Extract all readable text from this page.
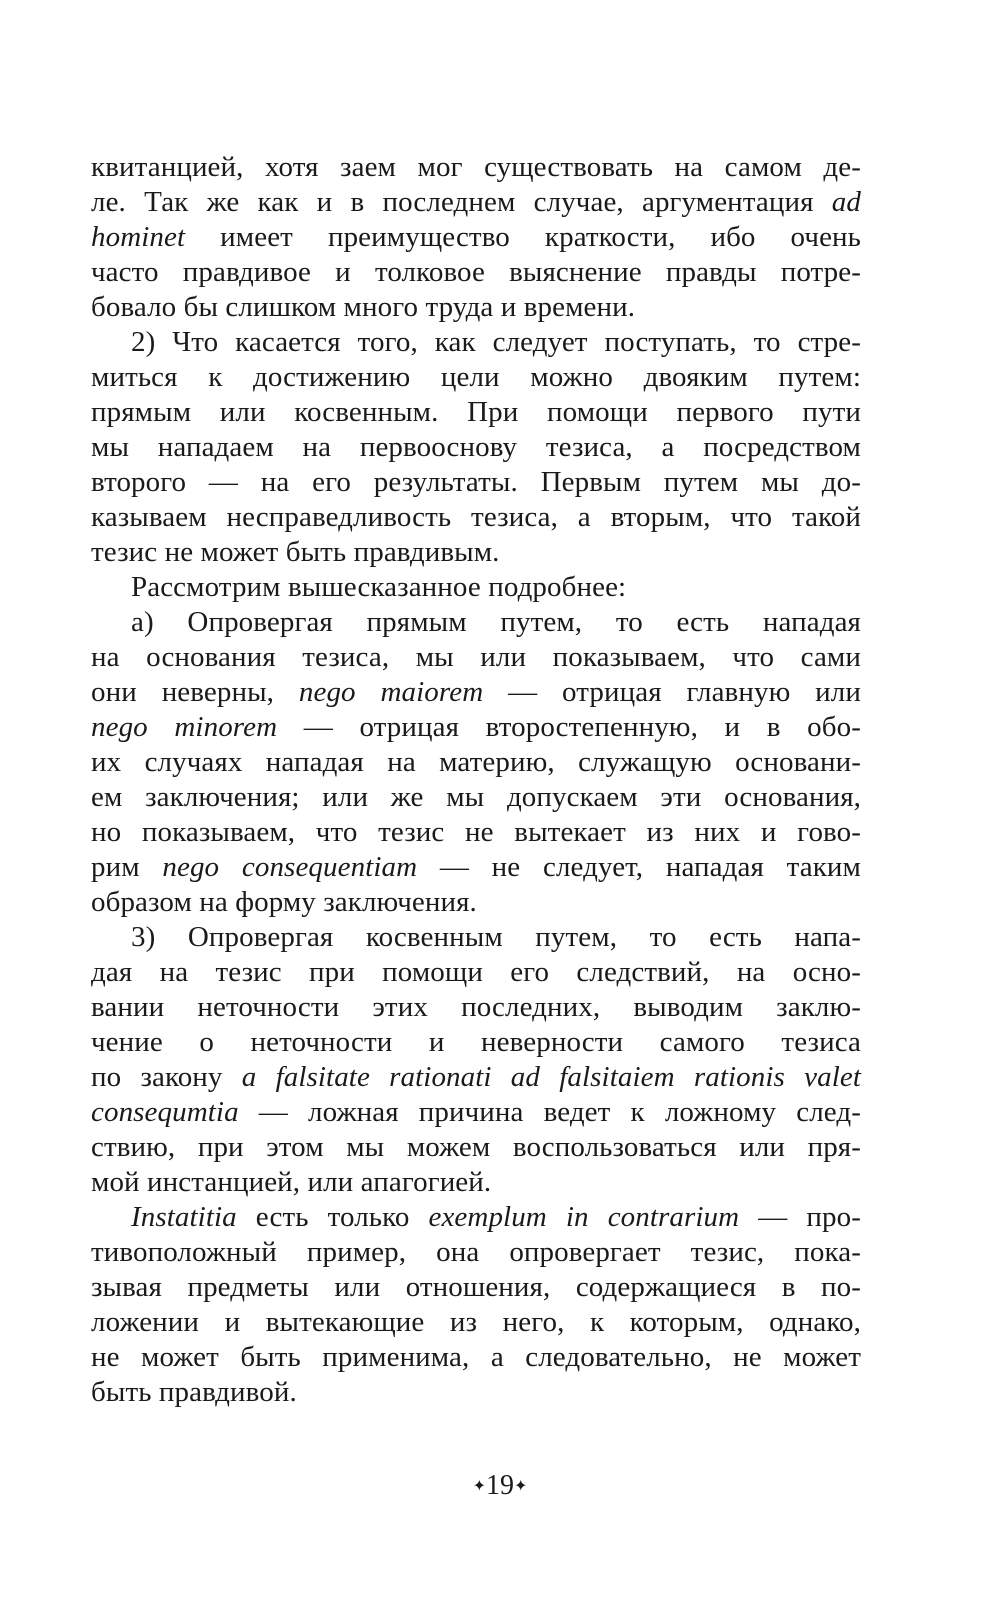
квитанцией, хотя заем мог существовать на самом де-
ле. Так же как и в последнем случае, аргументация ad
hominet имеет преимущество краткости, ибо очень
часто правдивое и толковое выяснение правды потре-
бовало бы слишком много труда и времени.
2) Что касается того, как следует поступать, то стре-
миться к достижению цели можно двояким путем:
прямым или косвенным. При помощи первого пути
мы нападаем на первооснову тезиса, а посредством
второго — на его результаты. Первым путем мы до-
казываем несправедливость тезиса, а вторым, что такой
тезис не может быть правдивым.
Рассмотрим вышесказанное подробнее:
а) Опровергая прямым путем, то есть нападая
на основания тезиса, мы или показываем, что сами
они неверны, nego maiorem — отрицая главную или
nego minorem — отрицая второстепенную, и в обо-
их случаях нападая на материю, служащую основани-
ем заключения; или же мы допускаем эти основания,
но показываем, что тезис не вытекает из них и гово-
рим nego consequentiam — не следует, нападая таким
образом на форму заключения.
3) Опровергая косвенным путем, то есть напа-
дая на тезис при помощи его следствий, на осно-
вании неточности этих последних, выводим заклю-
чение о неточности и неверности самого тезиса
по закону a falsitate rationati ad falsitaiem rationis valet
consequmtia — ложная причина ведет к ложному след-
ствию, при этом мы можем воспользоваться или пря-
мой инстанцией, или апагогией.
Instatitia есть только exemplum in contrarium — про-
тивоположный пример, она опровергает тезис, пока-
зывая предметы или отношения, содержащиеся в по-
ложении и вытекающие из него, к которым, однако,
не может быть применима, а следовательно, не может
быть правдивой.
✦19✦
